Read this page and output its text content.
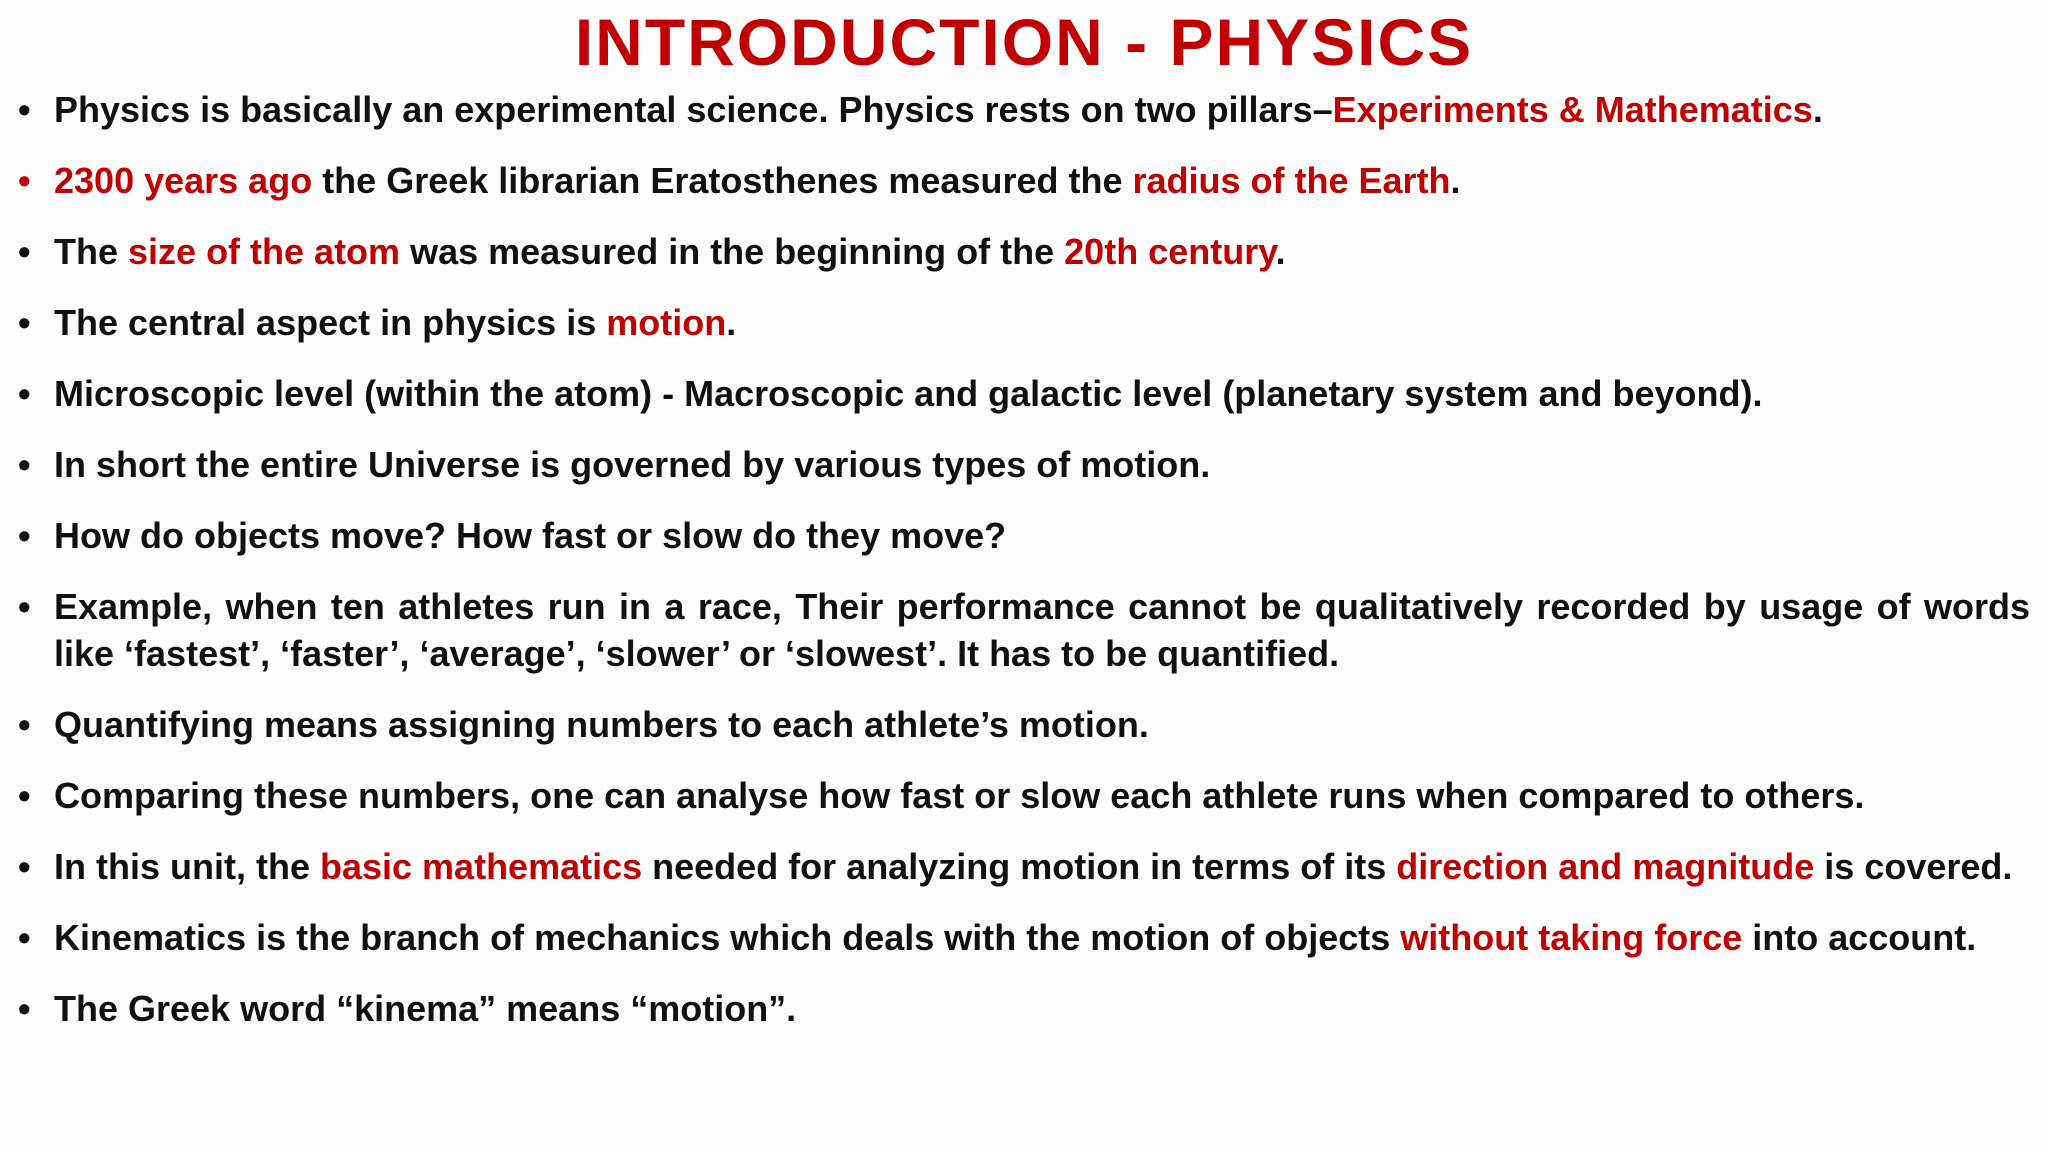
INTRODUCTION - PHYSICS
• Physics is basically an experimental science. Physics rests on two pillars–Experiments & Mathematics.
• 2300 years ago the Greek librarian Eratosthenes measured the radius of the Earth.
• The size of the atom was measured in the beginning of the 20th century.
• The central aspect in physics is motion.
• Microscopic level (within the atom) - Macroscopic and galactic level (planetary system and beyond).
• In short the entire Universe is governed by various types of motion.
• How do objects move? How fast or slow do they move?
• Example, when ten athletes run in a race, Their performance cannot be qualitatively recorded by usage of words like ‘fastest’, ‘faster’, ‘average’, ‘slower’ or ‘slowest’. It has to be quantified.
• Quantifying means assigning numbers to each athlete’s motion.
• Comparing these numbers, one can analyse how fast or slow each athlete runs when compared to others.
• In this unit, the basic mathematics needed for analyzing motion in terms of its direction and magnitude is covered.
• Kinematics is the branch of mechanics which deals with the motion of objects without taking force into account.
• The Greek word “kinema” means “motion”.
